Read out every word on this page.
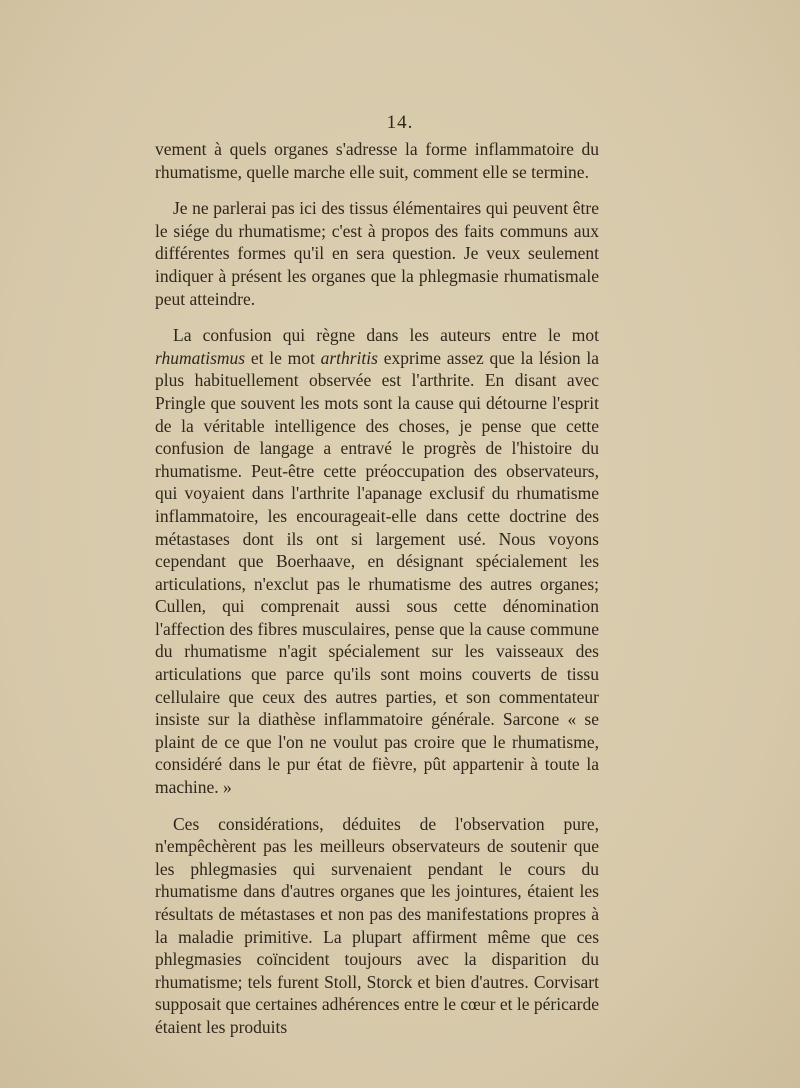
14.

vement à quels organes s'adresse la forme inflammatoire du rhumatisme, quelle marche elle suit, comment elle se termine.

Je ne parlerai pas ici des tissus élémentaires qui peuvent être le siége du rhumatisme; c'est à propos des faits communs aux différentes formes qu'il en sera question. Je veux seulement indiquer à présent les organes que la phlegmasie rhumatismale peut atteindre.

La confusion qui règne dans les auteurs entre le mot rhumatismus et le mot arthritis exprime assez que la lésion la plus habituellement observée est l'arthrite. En disant avec Pringle que souvent les mots sont la cause qui détourne l'esprit de la véritable intelligence des choses, je pense que cette confusion de langage a entravé le progrès de l'histoire du rhumatisme. Peut-être cette préoccupation des observateurs, qui voyaient dans l'arthrite l'apanage exclusif du rhumatisme inflammatoire, les encourageait-elle dans cette doctrine des métastases dont ils ont si largement usé. Nous voyons cependant que Boerhaave, en désignant spécialement les articulations, n'exclut pas le rhumatisme des autres organes; Cullen, qui comprenait aussi sous cette dénomination l'affection des fibres musculaires, pense que la cause commune du rhumatisme n'agit spécialement sur les vaisseaux des articulations que parce qu'ils sont moins couverts de tissu cellulaire que ceux des autres parties, et son commentateur insiste sur la diathèse inflammatoire générale. Sarcone « se plaint de ce que l'on ne voulut pas croire que le rhumatisme, considéré dans le pur état de fièvre, pût appartenir à toute la machine. »

Ces considérations, déduites de l'observation pure, n'empêchèrent pas les meilleurs observateurs de soutenir que les phlegmasies qui survenaient pendant le cours du rhumatisme dans d'autres organes que les jointures, étaient les résultats de métastases et non pas des manifestations propres à la maladie primitive. La plupart affirment même que ces phlegmasies coïncident toujours avec la disparition du rhumatisme; tels furent Stoll, Storck et bien d'autres. Corvisart supposait que certaines adhérences entre le cœur et le péricarde étaient les produits
